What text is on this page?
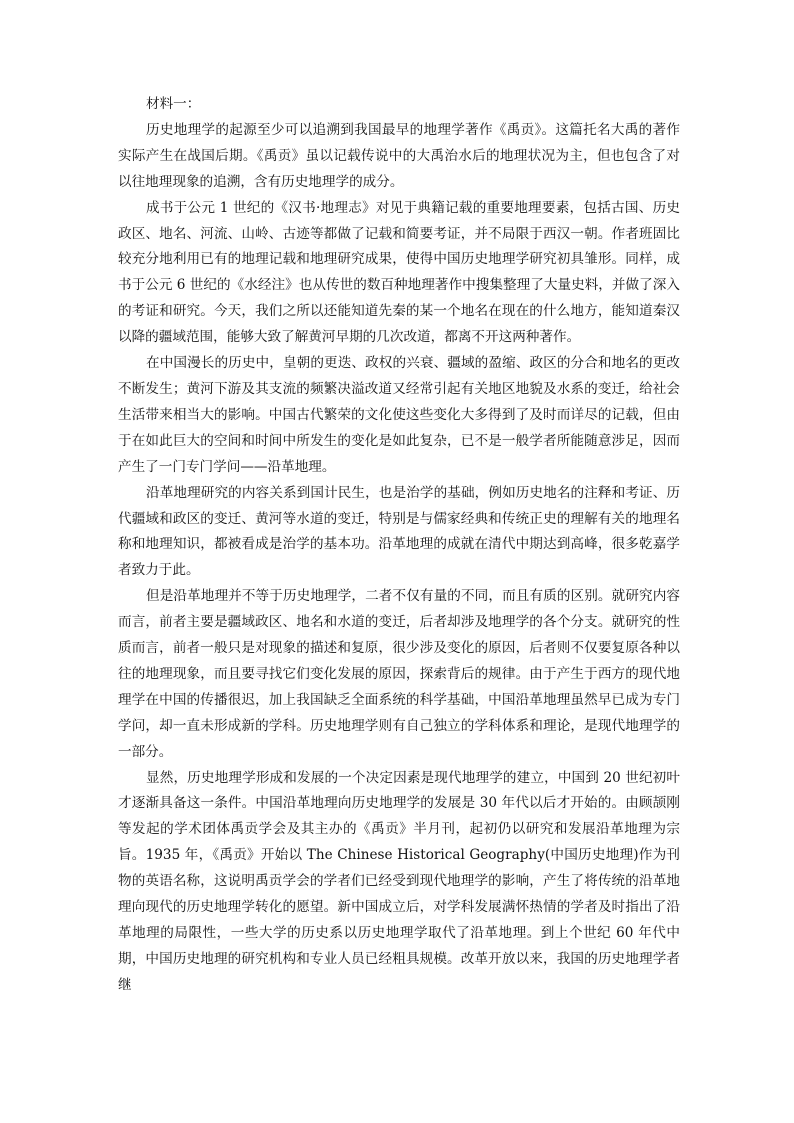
材料一：

历史地理学的起源至少可以追溯到我国最早的地理学著作《禹贡》。这篇托名大禹的著作实际产生在战国后期。《禹贡》虽以记载传说中的大禹治水后的地理状况为主，但也包含了对以往地理现象的追溯，含有历史地理学的成分。

成书于公元 1 世纪的《汉书·地理志》对见于典籍记载的重要地理要素，包括古国、历史政区、地名、河流、山岭、古迹等都做了记载和简要考证，并不局限于西汉一朝。作者班固比较充分地利用已有的地理记载和地理研究成果，使得中国历史地理学研究初具雏形。同样，成书于公元 6 世纪的《水经注》也从传世的数百种地理著作中搜集整理了大量史料，并做了深入的考证和研究。今天，我们之所以还能知道先秦的某一个地名在现在的什么地方，能知道秦汉以降的疆域范围，能够大致了解黄河早期的几次改道，都离不开这两种著作。

在中国漫长的历史中，皇朝的更迭、政权的兴衰、疆域的盈缩、政区的分合和地名的更改不断发生；黄河下游及其支流的频繁决溢改道又经常引起有关地区地貌及水系的变迁，给社会生活带来相当大的影响。中国古代繁荣的文化使这些变化大多得到了及时而详尽的记载，但由于在如此巨大的空间和时间中所发生的变化是如此复杂，已不是一般学者所能随意涉足，因而产生了一门专门学问——沿革地理。

沿革地理研究的内容关系到国计民生，也是治学的基础，例如历史地名的注释和考证、历代疆域和政区的变迁、黄河等水道的变迁，特别是与儒家经典和传统正史的理解有关的地理名称和地理知识，都被看成是治学的基本功。沿革地理的成就在清代中期达到高峰，很多乾嘉学者致力于此。

但是沿革地理并不等于历史地理学，二者不仅有量的不同，而且有质的区别。就研究内容而言，前者主要是疆域政区、地名和水道的变迁，后者却涉及地理学的各个分支。就研究的性质而言，前者一般只是对现象的描述和复原，很少涉及变化的原因，后者则不仅要复原各种以往的地理现象，而且要寻找它们变化发展的原因，探索背后的规律。由于产生于西方的现代地理学在中国的传播很迟，加上我国缺乏全面系统的科学基础，中国沿革地理虽然早已成为专门学问，却一直未形成新的学科。历史地理学则有自己独立的学科体系和理论，是现代地理学的一部分。

显然，历史地理学形成和发展的一个决定因素是现代地理学的建立，中国到 20 世纪初叶才逐渐具备这一条件。中国沿革地理向历史地理学的发展是 30 年代以后才开始的。由顾颉刚等发起的学术团体禹贡学会及其主办的《禹贡》半月刊，起初仍以研究和发展沿革地理为宗旨。1935 年，《禹贡》开始以 The Chinese Historical Geography(中国历史地理)作为刊物的英语名称，这说明禹贡学会的学者们已经受到现代地理学的影响，产生了将传统的沿革地理向现代的历史地理学转化的愿望。新中国成立后，对学科发展满怀热情的学者及时指出了沿革地理的局限性，一些大学的历史系以历史地理学取代了沿革地理。到上个世纪 60 年代中期，中国历史地理的研究机构和专业人员已经粗具规模。改革开放以来，我国的历史地理学者继
